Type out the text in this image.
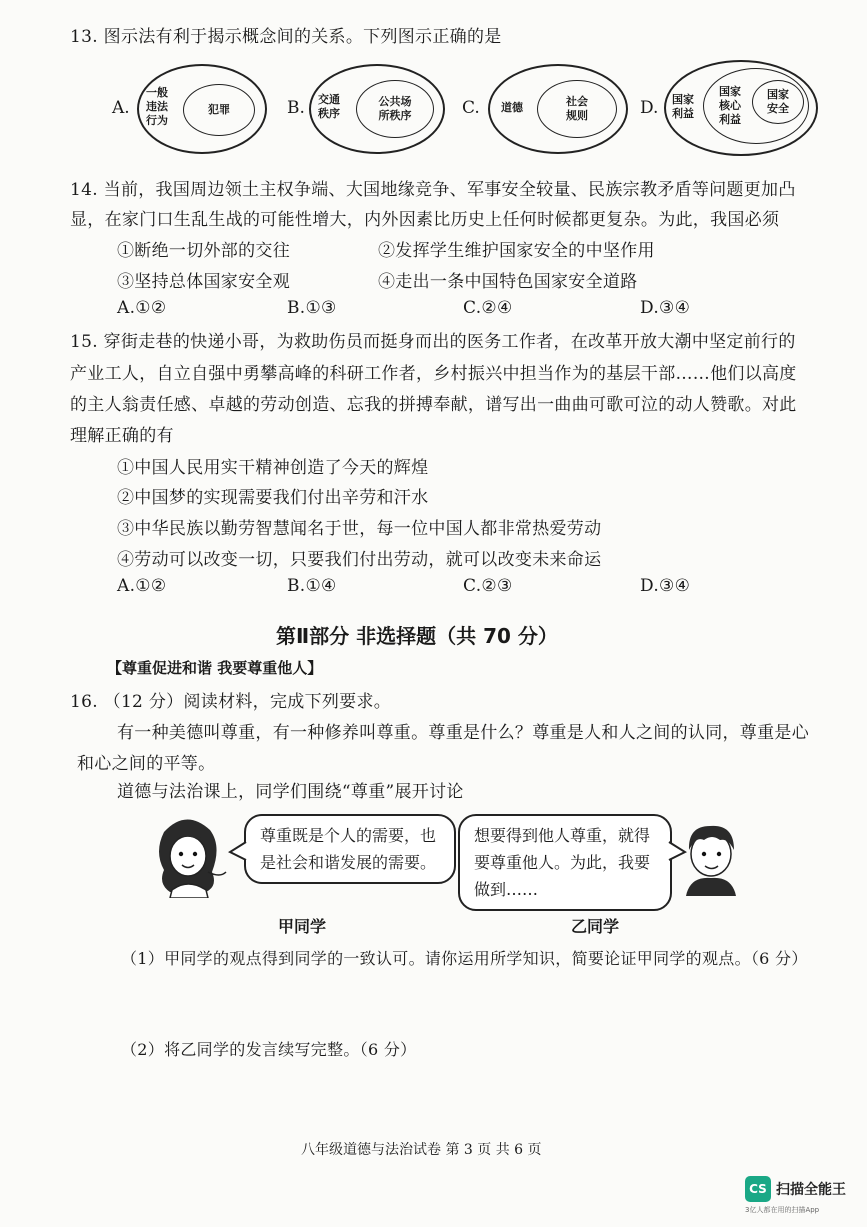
13. 图示法有利于揭示概念间的关系。下列图示正确的是
A.
一般
违法
行为
犯罪	B. 交通
秩序
公共场
所秩序	C. 道德	社会
规则	D. 国家
利益
国家
核心
利益
国家
安全
14. 当前，我国周边领土主权争端、大国地缘竞争、军事安全较量、民族宗教矛盾等问题更加凸
显，在家门口生乱生战的可能性增大，内外因素比历史上任何时候都更复杂。为此，我国必须
①断绝一切外部的交往	②发挥学生维护国家安全的中坚作用
③坚持总体国家安全观	④走出一条中国特色国家安全道路
A.①②	B.①③	C.②④	D.③④
15. 穿街走巷的快递小哥，为救助伤员而挺身而出的医务工作者，在改革开放大潮中坚定前行的
产业工人，自立自强中勇攀高峰的科研工作者，乡村振兴中担当作为的基层干部……他们以高度
的主人翁责任感、卓越的劳动创造、忘我的拼搏奉献，谱写出一曲曲可歌可泣的动人赞歌。对此
理解正确的有
①中国人民用实干精神创造了今天的辉煌
②中国梦的实现需要我们付出辛劳和汗水
③中华民族以勤劳智慧闻名于世，每一位中国人都非常热爱劳动
④劳动可以改变一切，只要我们付出劳动，就可以改变未来命运
A.①②	B.①④	C.②③	D.③④
第Ⅱ部分 非选择题（共 70 分）
【尊重促进和谐 我要尊重他人】
16. （12 分）阅读材料，完成下列要求。
有一种美德叫尊重，有一种修养叫尊重。尊重是什么？尊重是人和人之间的认同，尊重是心
和心之间的平等。
道德与法治课上，同学们围绕“尊重”展开讨论
尊重既是个人的需要，也是社会和谐发展的需要。
想要得到他人尊重，就得要尊重他人。为此，我要做到……
甲同学	乙同学
（1）甲同学的观点得到同学的一致认可。请你运用所学知识，简要论证甲同学的观点。（6 分）
（2）将乙同学的发言续写完整。（6 分）
八年级道德与法治试卷 第 3 页 共 6 页
CS 扫描全能王
3亿人都在用的扫描App
